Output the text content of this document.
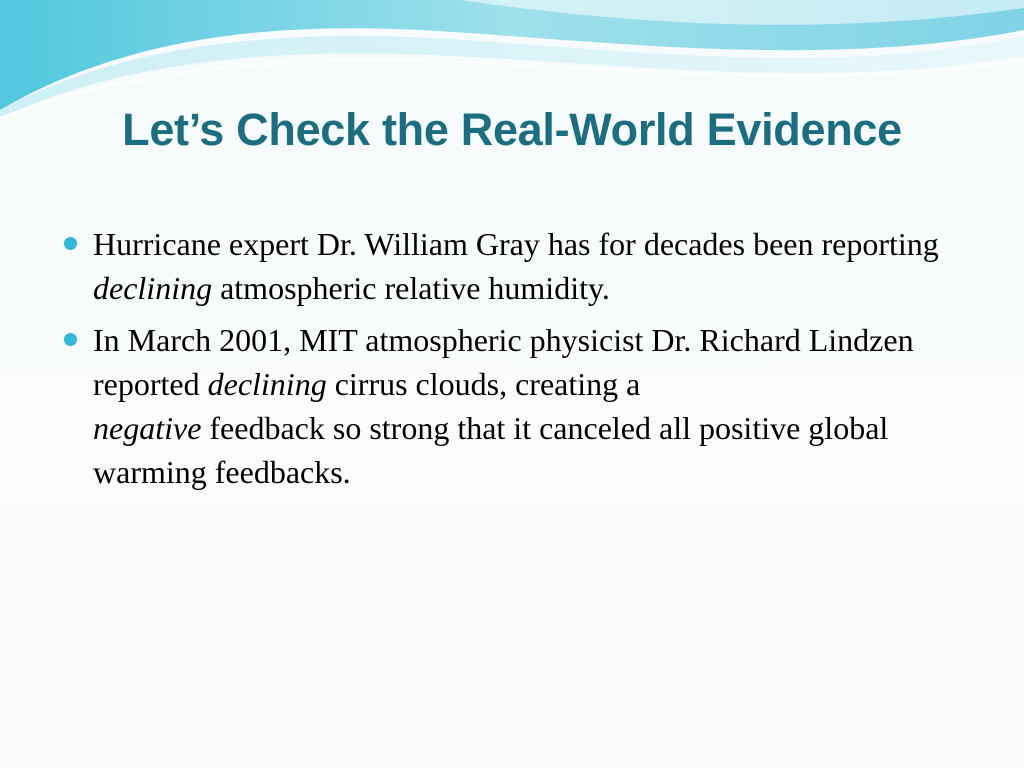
Let’s Check the Real-World Evidence
Hurricane expert Dr. William Gray has for decades been reporting declining atmospheric relative humidity.
In March 2001, MIT atmospheric physicist Dr. Richard Lindzen reported declining cirrus clouds, creating a
negative feedback so strong that it canceled all positive global warming feedbacks.
